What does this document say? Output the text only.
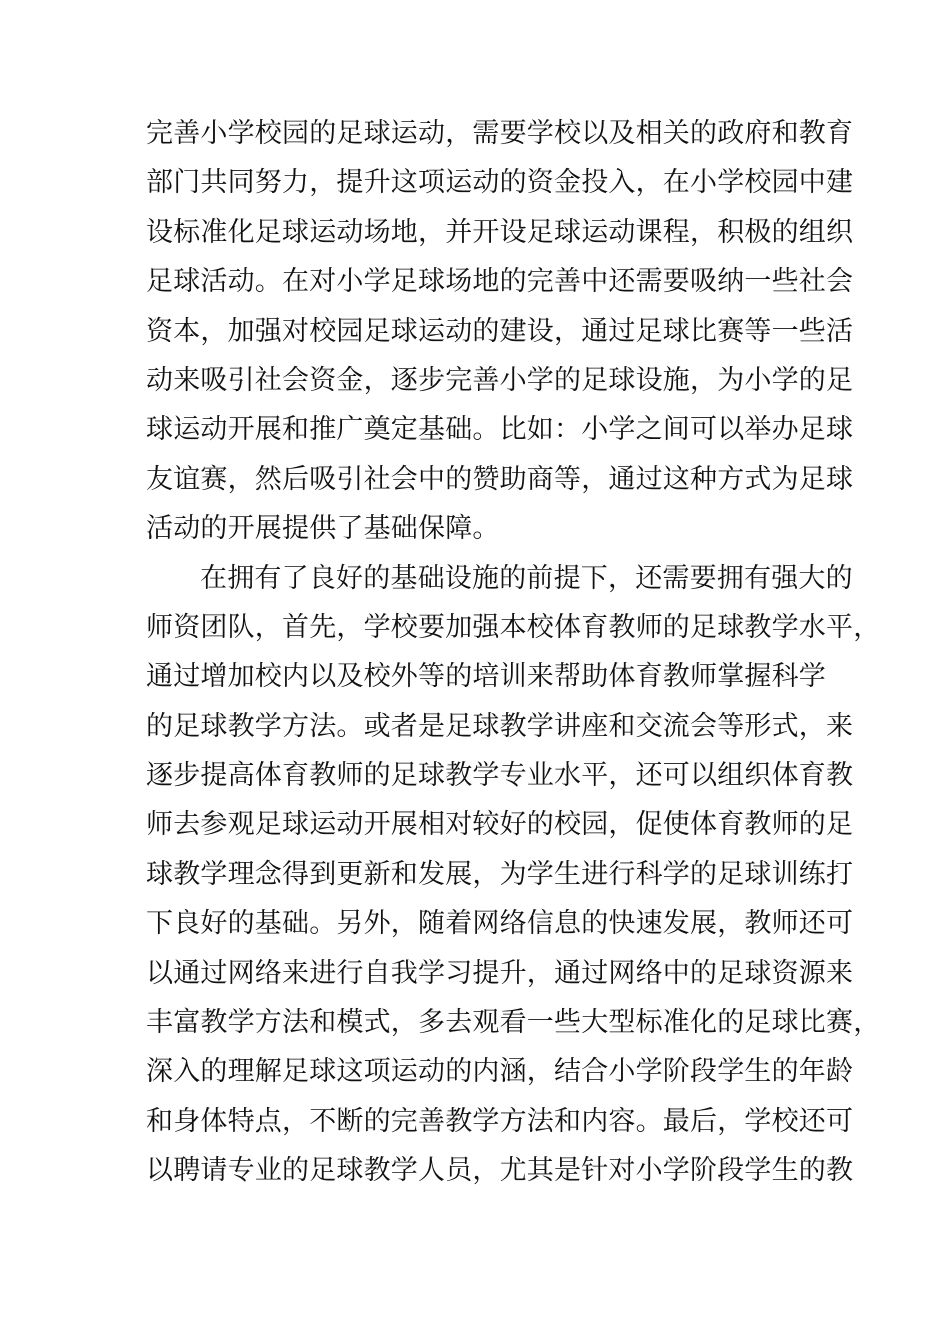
完善小学校园的足球运动，需要学校以及相关的政府和教育
部门共同努力，提升这项运动的资金投入，在小学校园中建
设标准化足球运动场地，并开设足球运动课程，积极的组织
足球活动。在对小学足球场地的完善中还需要吸纳一些社会
资本，加强对校园足球运动的建设，通过足球比赛等一些活
动来吸引社会资金，逐步完善小学的足球设施，为小学的足
球运动开展和推广奠定基础。比如：小学之间可以举办足球
友谊赛，然后吸引社会中的赞助商等，通过这种方式为足球
活动的开展提供了基础保障。
在拥有了良好的基础设施的前提下，还需要拥有强大的
师资团队，首先，学校要加强本校体育教师的足球教学水平，
通过增加校内以及校外等的培训来帮助体育教师掌握科学
的足球教学方法。或者是足球教学讲座和交流会等形式，来
逐步提高体育教师的足球教学专业水平，还可以组织体育教
师去参观足球运动开展相对较好的校园，促使体育教师的足
球教学理念得到更新和发展，为学生进行科学的足球训练打
下良好的基础。另外，随着网络信息的快速发展，教师还可
以通过网络来进行自我学习提升，通过网络中的足球资源来
丰富教学方法和模式，多去观看一些大型标准化的足球比赛，
深入的理解足球这项运动的内涵，结合小学阶段学生的年龄
和身体特点，不断的完善教学方法和内容。最后，学校还可
以聘请专业的足球教学人员，尤其是针对小学阶段学生的教
